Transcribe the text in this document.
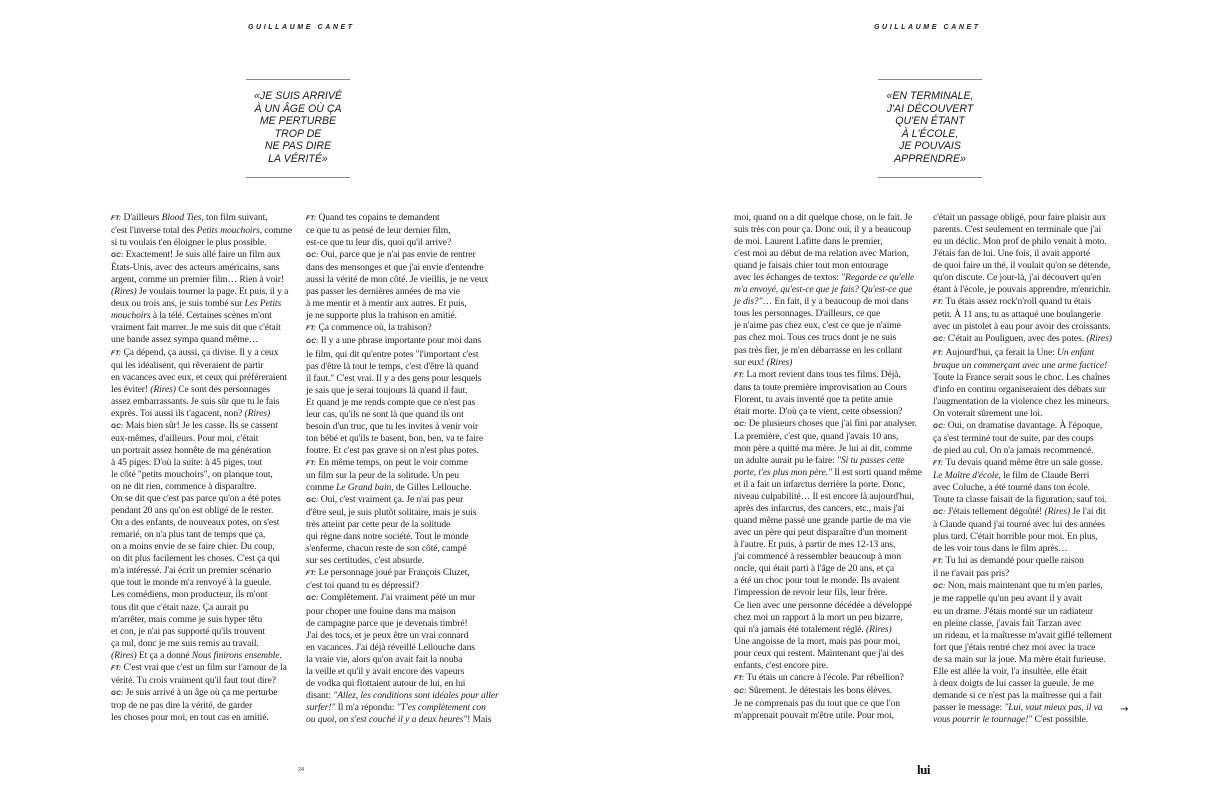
GUILLAUME CANET
«JE SUIS ARRIVÉ
À UN ÂGE OÙ ÇA
ME PERTURBE
TROP DE
NE PAS DIRE
LA VÉRITÉ»

FT: D'ailleurs Blood Ties, ton film suivant,

c'est l'inverse total des Petits mouchoirs, comme

si tu voulais t'en éloigner le plus possible.

GC: Exactement! Je suis allé faire un film aux

États-Unis, avec des acteurs américains, sans

argent, comme un premier film… Rien à voir!

(Rires) Je voulais tourner la page. Et puis, il y a

deux ou trois ans, je suis tombé sur Les Petits

mouchoirs à la télé. Certaines scènes m'ont

vraiment fait marrer. Je me suis dit que c'était

une bande assez sympa quand même…

FT: Ça dépend, ça aussi, ça divise. Il y a ceux

qui les idéalisent, qui rêveraient de partir

en vacances avec eux, et ceux qui préféreraient

les éviter! (Rires) Ce sont des personnages

assez embarrassants. Je suis sûr que tu le fais

exprès. Toi aussi ils t'agacent, non? (Rires)

GC: Mais bien sûr! Je les casse. Ils se cassent

eux-mêmes, d'ailleurs. Pour moi, c'était

un portrait assez honnête de ma génération

à 45 piges. D'où la suite: à 45 piges, tout

le côté "petits mouchoirs", on planque tout,

on ne dit rien, commence à disparaître.

On se dit que c'est pas parce qu'on a été potes

pendant 20 ans qu'on est obligé de le rester.

On a des enfants, de nouveaux potes, on s'est

remarié, on n'a plus tant de temps que ça,

on a moins envie de se faire chier. Du coup,

on dit plus facilement les choses. C'est ça qui

m'a intéressé. J'ai écrit un premier scénario

que tout le monde m'a renvoyé à la gueule.

Les comédiens, mon producteur, ils m'ont

tous dit que c'était naze. Ça aurait pu

m'arrêter, mais comme je suis hyper têtu

et con, je n'ai pas supporté qu'ils trouvent

ça nul, donc je me suis remis au travail.

(Rires) Et ça a donné Nous finirons ensemble.

FT: C'est vrai que c'est un film sur l'amour de la

vérité. Tu crois vraiment qu'il faut tout dire?

GC: Je suis arrivé à un âge où ça me perturbe

trop de ne pas dire la vérité, de garder

les choses pour moi, en tout cas en amitié.

FT: Quand tes copains te demandent

ce que tu as pensé de leur dernier film,

est-ce que tu leur dis, quoi qu'il arrive?

GC: Oui, parce que je n'ai pas envie de rentrer

dans des mensonges et que j'ai envie d'entendre

aussi la vérité de mon côté. Je vieillis, je ne veux

pas passer les dernières années de ma vie

à me mentir et à mentir aux autres. Et puis,

je ne supporte plus la trahison en amitié.

FT: Ça commence où, la trahison?

GC: Il y a une phrase importante pour moi dans

le film, qui dit qu'entre potes "l'important c'est

pas d'être là tout le temps, c'est d'être là quand

il faut." C'est vrai. Il y a des gens pour lesquels

je sais que je serai toujours là quand il faut.

Et quand je me rends compte que ce n'est pas

leur cas, qu'ils ne sont là que quand ils ont

besoin d'un truc, que tu les invites à venir voir

ton bébé et qu'ils te basent, bon, ben, va te faire

foutre. Et c'est pas grave si on n'est plus potes.

FT: En même temps, on peut le voir comme

un film sur la peur de la solitude. Un peu

comme Le Grand bain, de Gilles Lellouche.

GC: Oui, c'est vraiment ça. Je n'ai pas peur

d'être seul, je suis plutôt solitaire, mais je suis

très atteint par cette peur de la solitude

qui règne dans notre société. Tout le monde

s'enferme, chacun reste de son côté, campé

sur ses certitudes, c'est absurde.

FT: Le personnage joué par François Cluzet,

c'est toi quand tu es dépressif?

GC: Complètement. J'ai vraiment pété un mur

pour choper une fouine dans ma maison

de campagne parce que je devenais timbré!

J'ai des tocs, et je peux être un vrai connard

en vacances. J'ai déjà réveillé Lellouche dans

la vraie vie, alors qu'on avait fait la nouba

la veille et qu'il y avait encore des vapeurs

de vodka qui flottaient autour de lui, en lui

disant: "Allez, les conditions sont idéales pour aller

surfer!" Il m'a répondu: "T'es complètement con

ou quoi, on s'est couché il y a deux heures"! Mais

24
GUILLAUME CANET
«EN TERMINALE,
J'AI DÉCOUVERT
QU'EN ÉTANT
À L'ÉCOLE,
JE POUVAIS
APPRENDRE»

moi, quand on a dit quelque chose, on le fait. Je

suis très con pour ça. Donc oui, il y a beaucoup

de moi. Laurent Lafitte dans le premier,

c'est moi au début de ma relation avec Marion,

quand je faisais chier tout mon entourage

avec les échanges de textos: "Regarde ce qu'elle

m'a envoyé, qu'est-ce que je fais? Qu'est-ce que

je dis?"… En fait, il y a beaucoup de moi dans

tous les personnages. D'ailleurs, ce que

je n'aime pas chez eux, c'est ce que je n'aime

pas chez moi. Tous ces trucs dont je ne suis

pas très fier, je m'en débarrasse en les collant

sur eux! (Rires)

FT: La mort revient dans tous tes films. Déjà,

dans ta toute première improvisation au Cours

Florent, tu avais inventé que ta petite amie

était morte. D'où ça te vient, cette obsession?

GC: De plusieurs choses que j'ai fini par analyser.

La première, c'est que, quand j'avais 10 ans,

mon père a quitté ma mère. Je lui ai dit, comme

un adulte aurait pu le faire: "Si tu passes cette

porte, t'es plus mon père." Il est sorti quand même

et il a fait un infarctus derrière la porte. Donc,

niveau culpabilité… Il est encore là aujourd'hui,

après des infarctus, des cancers, etc., mais j'ai

quand même passé une grande partie de ma vie

avec un père qui peut disparaître d'un moment

à l'autre. Et puis, à partir de mes 12-13 ans,

j'ai commencé à ressembler beaucoup à mon

oncle, qui était parti à l'âge de 20 ans, et ça

a été un choc pour tout le monde. Ils avaient

l'impression de revoir leur fils, leur frère.

Ce lien avec une personne décédée a développé

chez moi un rapport à la mort un peu bizarre,

qui n'a jamais été totalement réglé. (Rires)

Une angoisse de la mort, mais pas pour moi,

pour ceux qui restent. Maintenant que j'ai des

enfants, c'est encore pire.

FT: Tu étais un cancre à l'école. Par rébellion?

GC: Sûrement. Je détestais les bons élèves.

Je ne comprenais pas du tout que ce que l'on

m'apprenait pouvait m'être utile. Pour moi,

c'était un passage obligé, pour faire plaisir aux

parents. C'est seulement en terminale que j'ai

eu un déclic. Mon prof de philo venait à moto.

J'étais fan de lui. Une fois, il avait apporté

de quoi faire un thé, il voulait qu'on se détende,

qu'on discute. Ce jour-là, j'ai découvert qu'en

étant à l'école, je pouvais apprendre, m'enrichir.

FT: Tu étais assez rock'n'roll quand tu étais

petit. À 11 ans, tu as attaqué une boulangerie

avec un pistolet à eau pour avoir des croissants.

GC: C'était au Pouliguen, avec des potes. (Rires)

FT: Aujourd'hui, ça ferait la Une: Un enfant

braque un commerçant avec une arme factice!

Toute la France serait sous le choc. Les chaînes

d'info en continu organiseraient des débats sur

l'augmentation de la violence chez les mineurs.

On voterait sûrement une loi.

GC: Oui, on dramatise davantage. À l'époque,

ça s'est terminé tout de suite, par des coups

de pied au cul. On n'a jamais recommencé.

FT: Tu devais quand même être un sale gosse.

Le Maître d'école, le film de Claude Berri

avec Coluche, a été tourné dans ton école.

Toute ta classe faisait de la figuration, sauf toi.

GC: J'étais tellement dégoûté! (Rires) Je l'ai dit

à Claude quand j'ai tourné avec lui des années

plus tard. C'était horrible pour moi. En plus,

de les voir tous dans le film après…

FT: Tu lui as demandé pour quelle raison

il ne t'avait pas pris?

GC: Non, mais maintenant que tu m'en parles,

je me rappelle qu'un peu avant il y avait

eu un drame. J'étais monté sur un radiateur

en pleine classe, j'avais fait Tarzan avec

un rideau, et la maîtresse m'avait giflé tellement

fort que j'étais rentré chez moi avec la trace

de sa main sur la joue. Ma mère était furieuse.

Elle est allée la voir, l'a insultée, elle était

à deux doigts de lui casser la gueule. Je me

demande si ce n'est pas la maîtresse qui a fait

passer le message: "Lui, vaut mieux pas, il va

vous pourrir le tournage!" C'est possible.

→
lui
